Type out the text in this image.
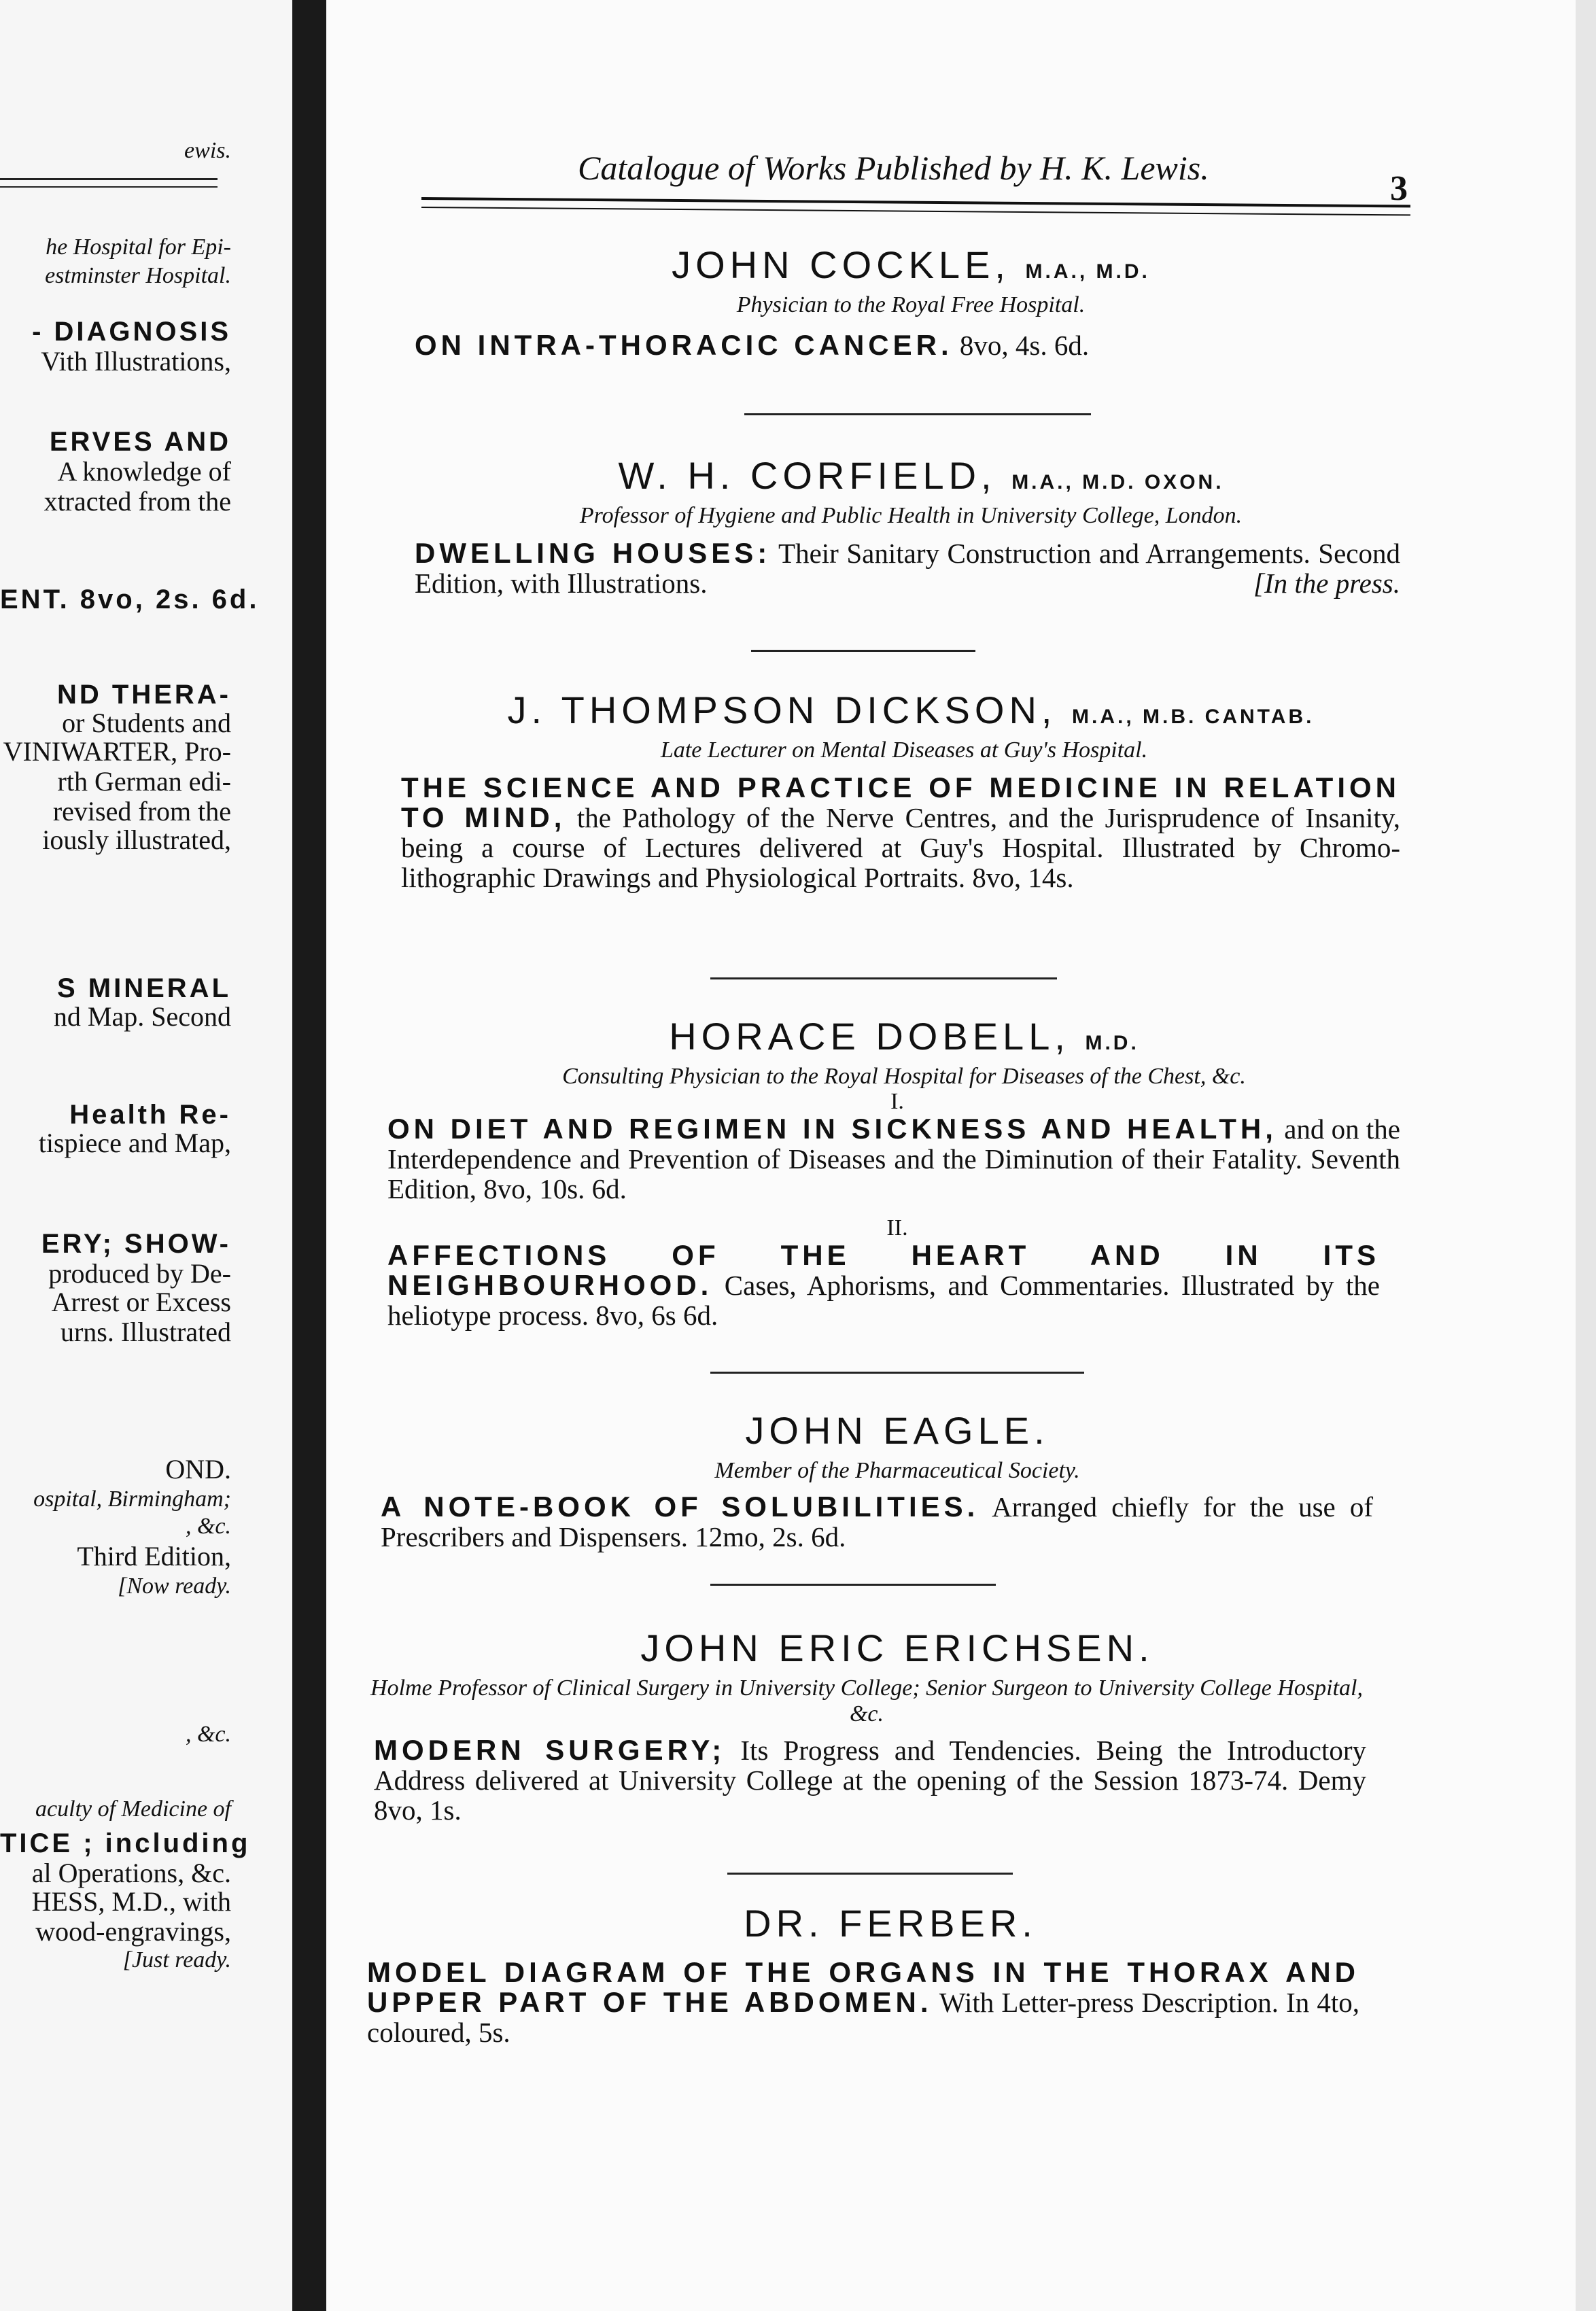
ewis.
he Hospital for Epi-
estminster Hospital.
- DIAGNOSIS
Vith Illustrations,
ERVES AND
A knowledge of
xtracted from the
ENT. 8vo, 2s. 6d.
ND THERA-
or Students and
VINIWARTER, Pro-
rth German edi-
revised from the
iously illustrated,
S MINERAL
nd Map. Second
Health Re-
tispiece and Map,
ERY; SHOW-
produced by De-
Arrest or Excess
urns. Illustrated
OND.
ospital, Birmingham;
, &c.
Third Edition,
[Now ready.
, &c.
aculty of Medicine of
TICE ; including
al Operations, &c.
HESS, M.D., with
wood-engravings,
[Just ready.
Catalogue of Works Published by H. K. Lewis.
3
JOHN COCKLE, M.A., M.D.
Physician to the Royal Free Hospital.
ON INTRA-THORACIC CANCER. 8vo, 4s. 6d.
W. H. CORFIELD, M.A., M.D. OXON.
Professor of Hygiene and Public Health in University College, London.
DWELLING HOUSES: Their Sanitary Construction and Arrangements. Second Edition, with Illustrations.	[In the press.
J. THOMPSON DICKSON, M.A., M.B. CANTAB.
Late Lecturer on Mental Diseases at Guy's Hospital.
THE SCIENCE AND PRACTICE OF MEDICINE IN RELATION TO MIND, the Pathology of the Nerve Centres, and the Jurisprudence of Insanity, being a course of Lectures delivered at Guy's Hospital. Illustrated by Chromo-lithographic Drawings and Physiological Portraits. 8vo, 14s.
HORACE DOBELL, M.D.
Consulting Physician to the Royal Hospital for Diseases of the Chest, &c.
I.
ON DIET AND REGIMEN IN SICKNESS AND HEALTH, and on the Interdependence and Prevention of Diseases and the Diminution of their Fatality. Seventh Edition, 8vo, 10s. 6d.
II.
AFFECTIONS OF THE HEART AND IN ITS NEIGHBOURHOOD. Cases, Aphorisms, and Commentaries. Illustrated by the heliotype process. 8vo, 6s 6d.
JOHN EAGLE.
Member of the Pharmaceutical Society.
A NOTE-BOOK OF SOLUBILITIES. Arranged chiefly for the use of Prescribers and Dispensers. 12mo, 2s. 6d.
JOHN ERIC ERICHSEN.
Holme Professor of Clinical Surgery in University College; Senior Surgeon to University College Hospital, &c.
MODERN SURGERY; Its Progress and Tendencies. Being the Introductory Address delivered at University College at the opening of the Session 1873-74. Demy 8vo, 1s.
DR. FERBER.
MODEL DIAGRAM OF THE ORGANS IN THE THORAX AND UPPER PART OF THE ABDOMEN. With Letter-press Description. In 4to, coloured, 5s.
